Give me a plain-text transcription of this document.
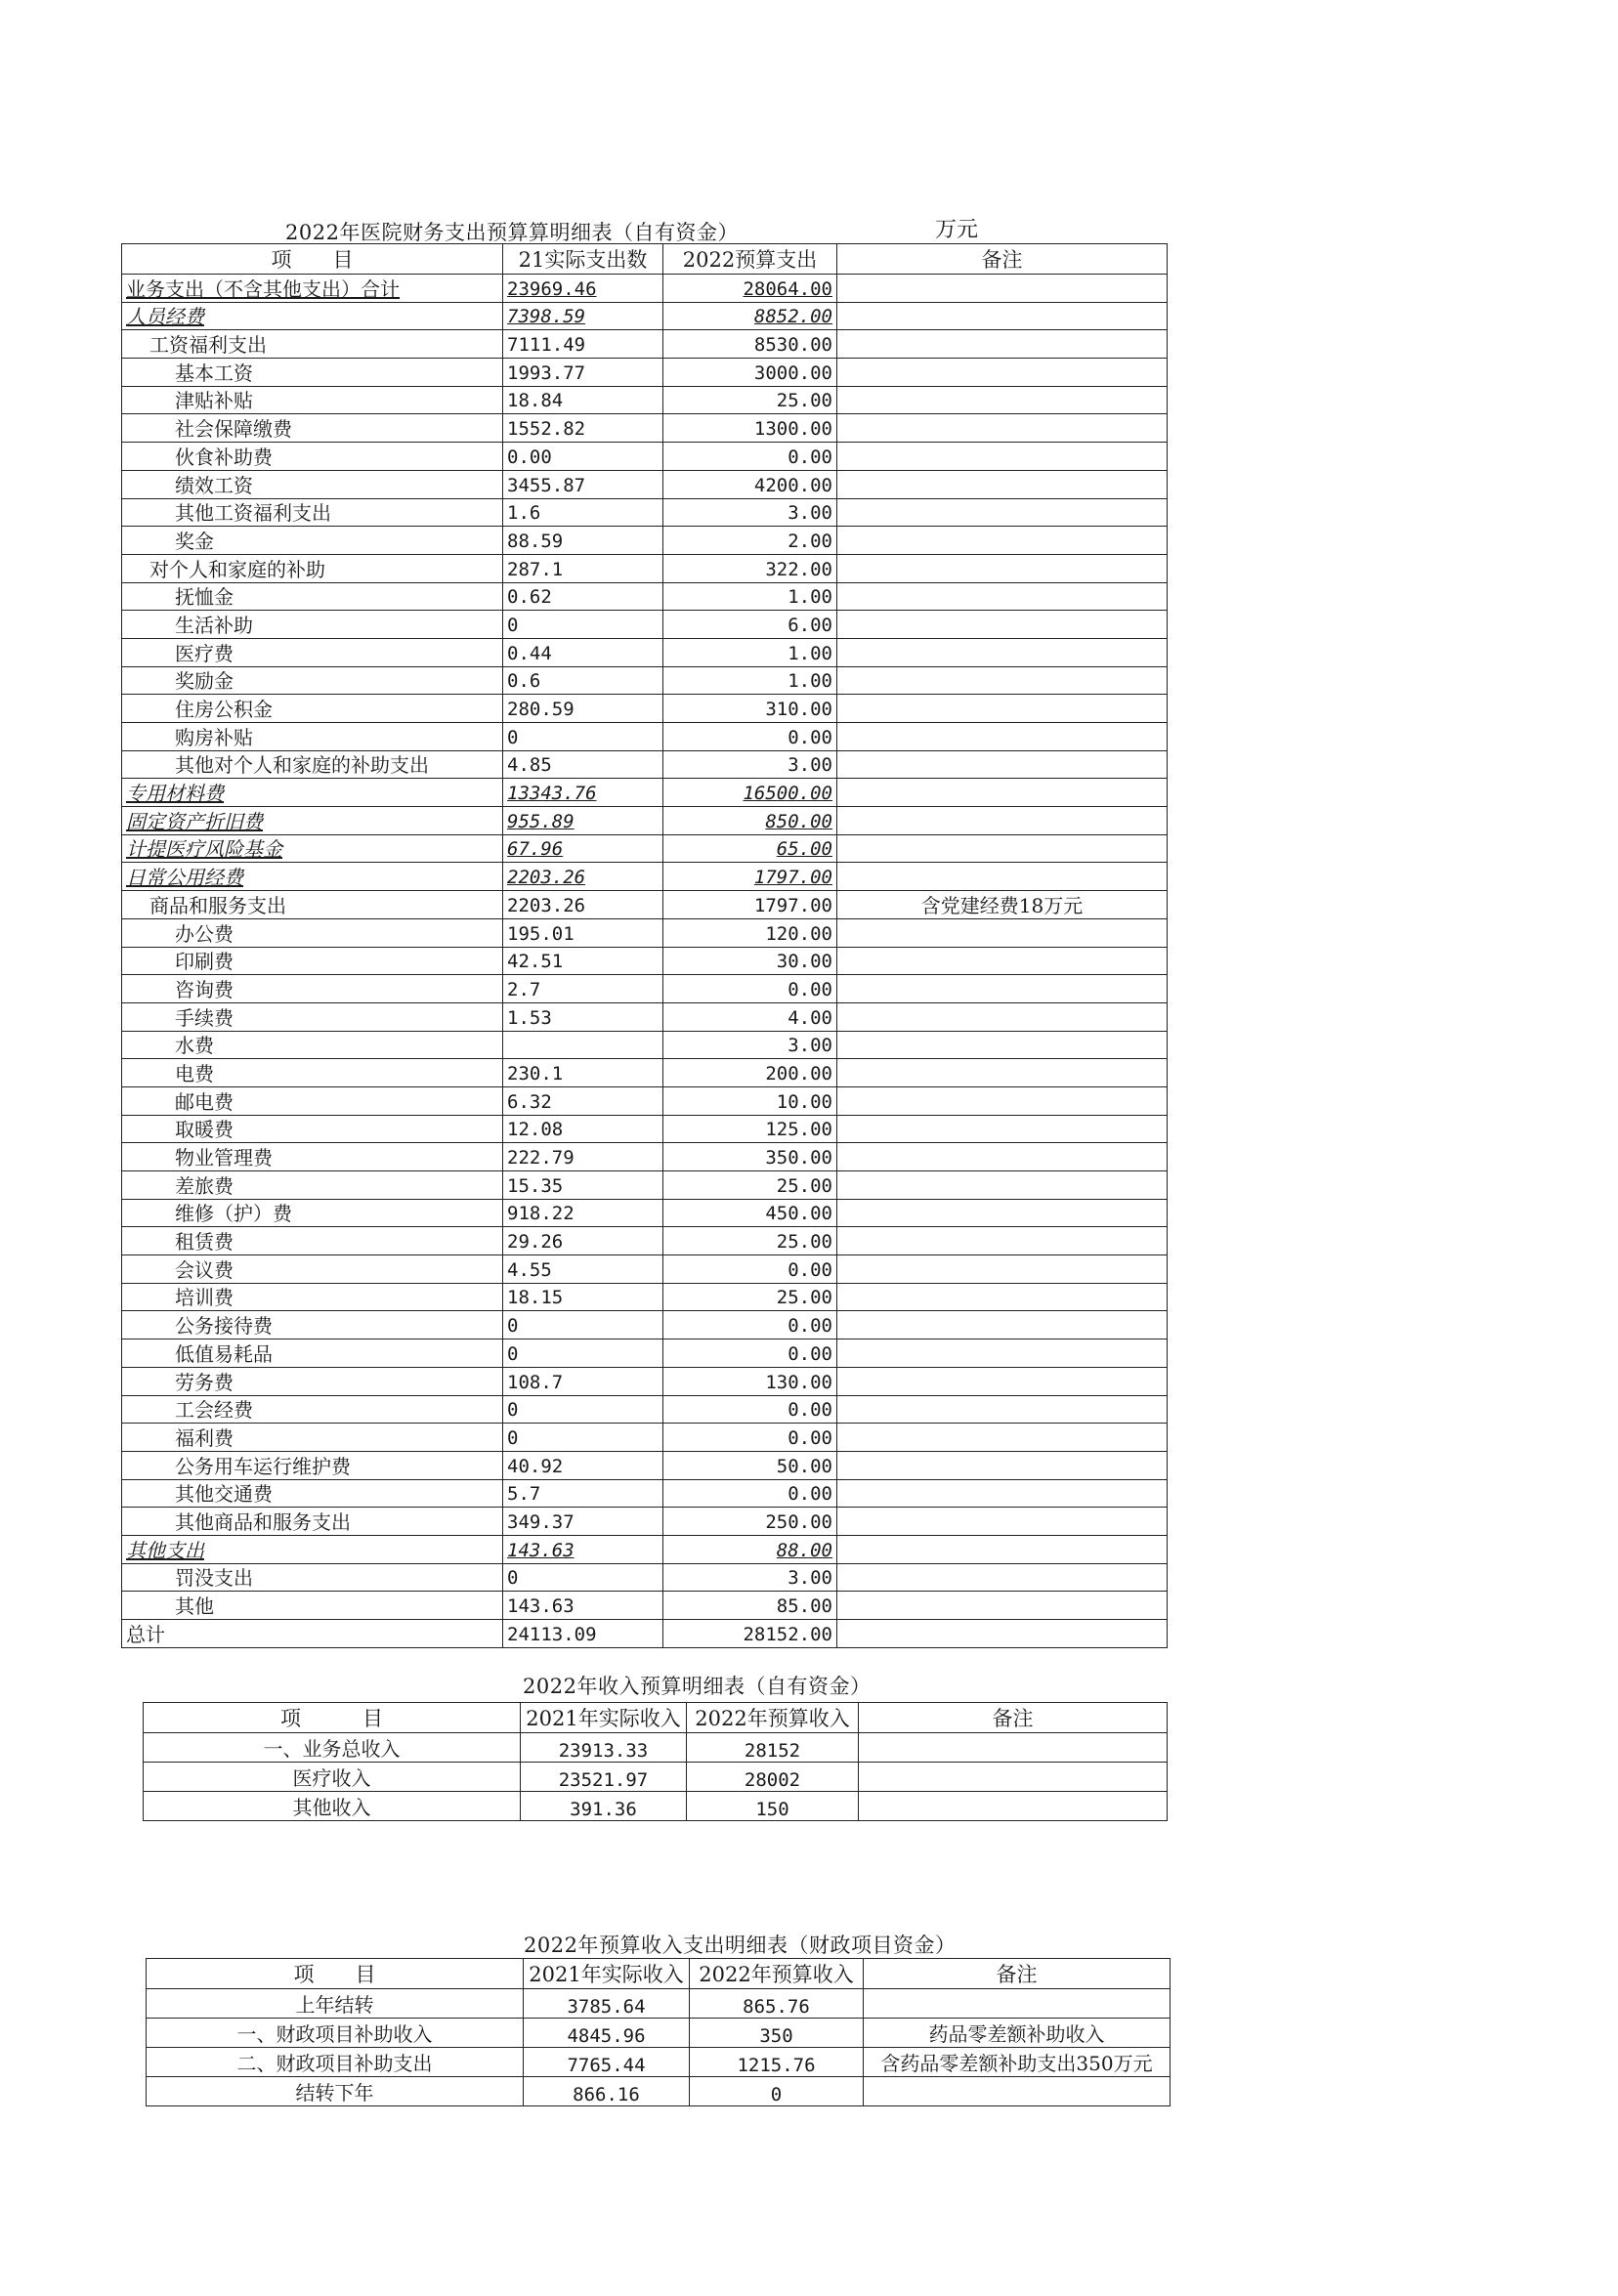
2022年医院财务支出预算算明细表（自有资金）	万元
项　　目	21实际支出数	2022预算支出	备注
业务支出（不含其他支出）合计	23969.46	28064.00	
人员经费	7398.59	8852.00	
工资福利支出	7111.49	8530.00	
基本工资	1993.77	3000.00	
津贴补贴	18.84	25.00	
社会保障缴费	1552.82	1300.00	
伙食补助费	0.00	0.00	
绩效工资	3455.87	4200.00	
其他工资福利支出	1.6	3.00	
奖金	88.59	2.00	
对个人和家庭的补助	287.1	322.00	
抚恤金	0.62	1.00	
生活补助	0	6.00	
医疗费	0.44	1.00	
奖励金	0.6	1.00	
住房公积金	280.59	310.00	
购房补贴	0	0.00	
其他对个人和家庭的补助支出	4.85	3.00	
专用材料费	13343.76	16500.00	
固定资产折旧费	955.89	850.00	
计提医疗风险基金	67.96	65.00	
日常公用经费	2203.26	1797.00	
商品和服务支出	2203.26	1797.00	含党建经费18万元
办公费	195.01	120.00	
印刷费	42.51	30.00	
咨询费	2.7	0.00	
手续费	1.53	4.00	
水费		3.00	
电费	230.1	200.00	
邮电费	6.32	10.00	
取暖费	12.08	125.00	
物业管理费	222.79	350.00	
差旅费	15.35	25.00	
维修（护）费	918.22	450.00	
租赁费	29.26	25.00	
会议费	4.55	0.00	
培训费	18.15	25.00	
公务接待费	0	0.00	
低值易耗品	0	0.00	
劳务费	108.7	130.00	
工会经费	0	0.00	
福利费	0	0.00	
公务用车运行维护费	40.92	50.00	
其他交通费	5.7	0.00	
其他商品和服务支出	349.37	250.00	
其他支出	143.63	88.00	
罚没支出	0	3.00	
其他	143.63	85.00	
总计	24113.09	28152.00	
2022年收入预算明细表（自有资金）
项　　　目	2021年实际收入	2022年预算收入	备注
一、业务总收入	23913.33	28152	
医疗收入	23521.97	28002	
其他收入	391.36	150	
2022年预算收入支出明细表（财政项目资金）
项　　目	2021年实际收入	2022年预算收入	备注
上年结转	3785.64	865.76	
一、财政项目补助收入	4845.96	350	药品零差额补助收入
二、财政项目补助支出	7765.44	1215.76	含药品零差额补助支出350万元
结转下年	866.16	0	
